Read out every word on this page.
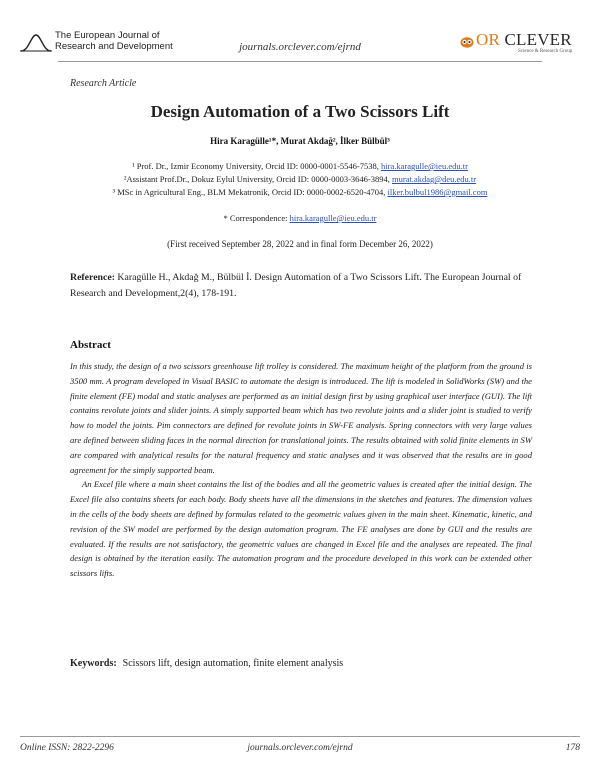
The European Journal of
Research and Development	journals.orclever.com/ejrnd	OR CLEVER
Science & Research Group
Research Article
Design Automation of a Two Scissors Lift
Hira Karagülle¹*, Murat Akdağ², İlker Bülbül³
¹ Prof. Dr., Izmir Economy University, Orcid ID: 0000-0001-5546-7538, hira.karagulle@ieu.edu.tr
²Assistant Prof.Dr., Dokuz Eylul University, Orcid ID: 0000-0003-3646-3894, murat.akdag@deu.edu.tr
³ MSc in Agricultural Eng., BLM Mekatronik, Orcid ID: 0000-0002-6520-4704, ilker.bulbul1986@gmail.com
* Correspondence: hira.karagulle@ieu.edu.tr
(First received September 28, 2022 and in final form December 26, 2022)
Reference: Karagülle H., Akdağ M., Bülbül İ. Design Automation of a Two Scissors Lift. The European Journal of Research and Development,2(4), 178-191.
Abstract

In this study, the design of a two scissors greenhouse lift trolley is considered. The maximum height of the platform from the ground is 3500 mm. A program developed in Visual BASIC to automate the design is introduced. The lift is modeled in SolidWorks (SW) and the finite element (FE) modal and static analyses are performed as an initial design first by using graphical user interface (GUI). The lift contains revolute joints and slider joints. A simply supported beam which has two revolute joints and a slider joint is studied to verify how to model the joints. Pim connectors are defined for revolute joints in SW-FE analysis. Spring connectors with very large values are defined between sliding faces in the normal direction for translational joints. The results obtained with solid finite elements in SW are compared with analytical results for the natural frequency and static analyses and it was observed that the results are in good agreement for the simply supported beam.

An Excel file where a main sheet contains the list of the bodies and all the geometric values is created after the initial design. The Excel file also contains sheets for each body. Body sheets have all the dimensions in the sketches and features. The dimension values in the cells of the body sheets are defined by formulas related to the geometric values given in the main sheet. Kinematic, kinetic, and revision of the SW model are performed by the design automation program. The FE analyses are done by GUI and the results are evaluated. If the results are not satisfactory, the geometric values are changed in Excel file and the analyses are repeated. The final design is obtained by the iteration easily. The automation program and the procedure developed in this work can be extended other scissors lifts.

Keywords: Scissors lift, design automation, finite element analysis
Online ISSN: 2822-2296	journals.orclever.com/ejrnd	178
